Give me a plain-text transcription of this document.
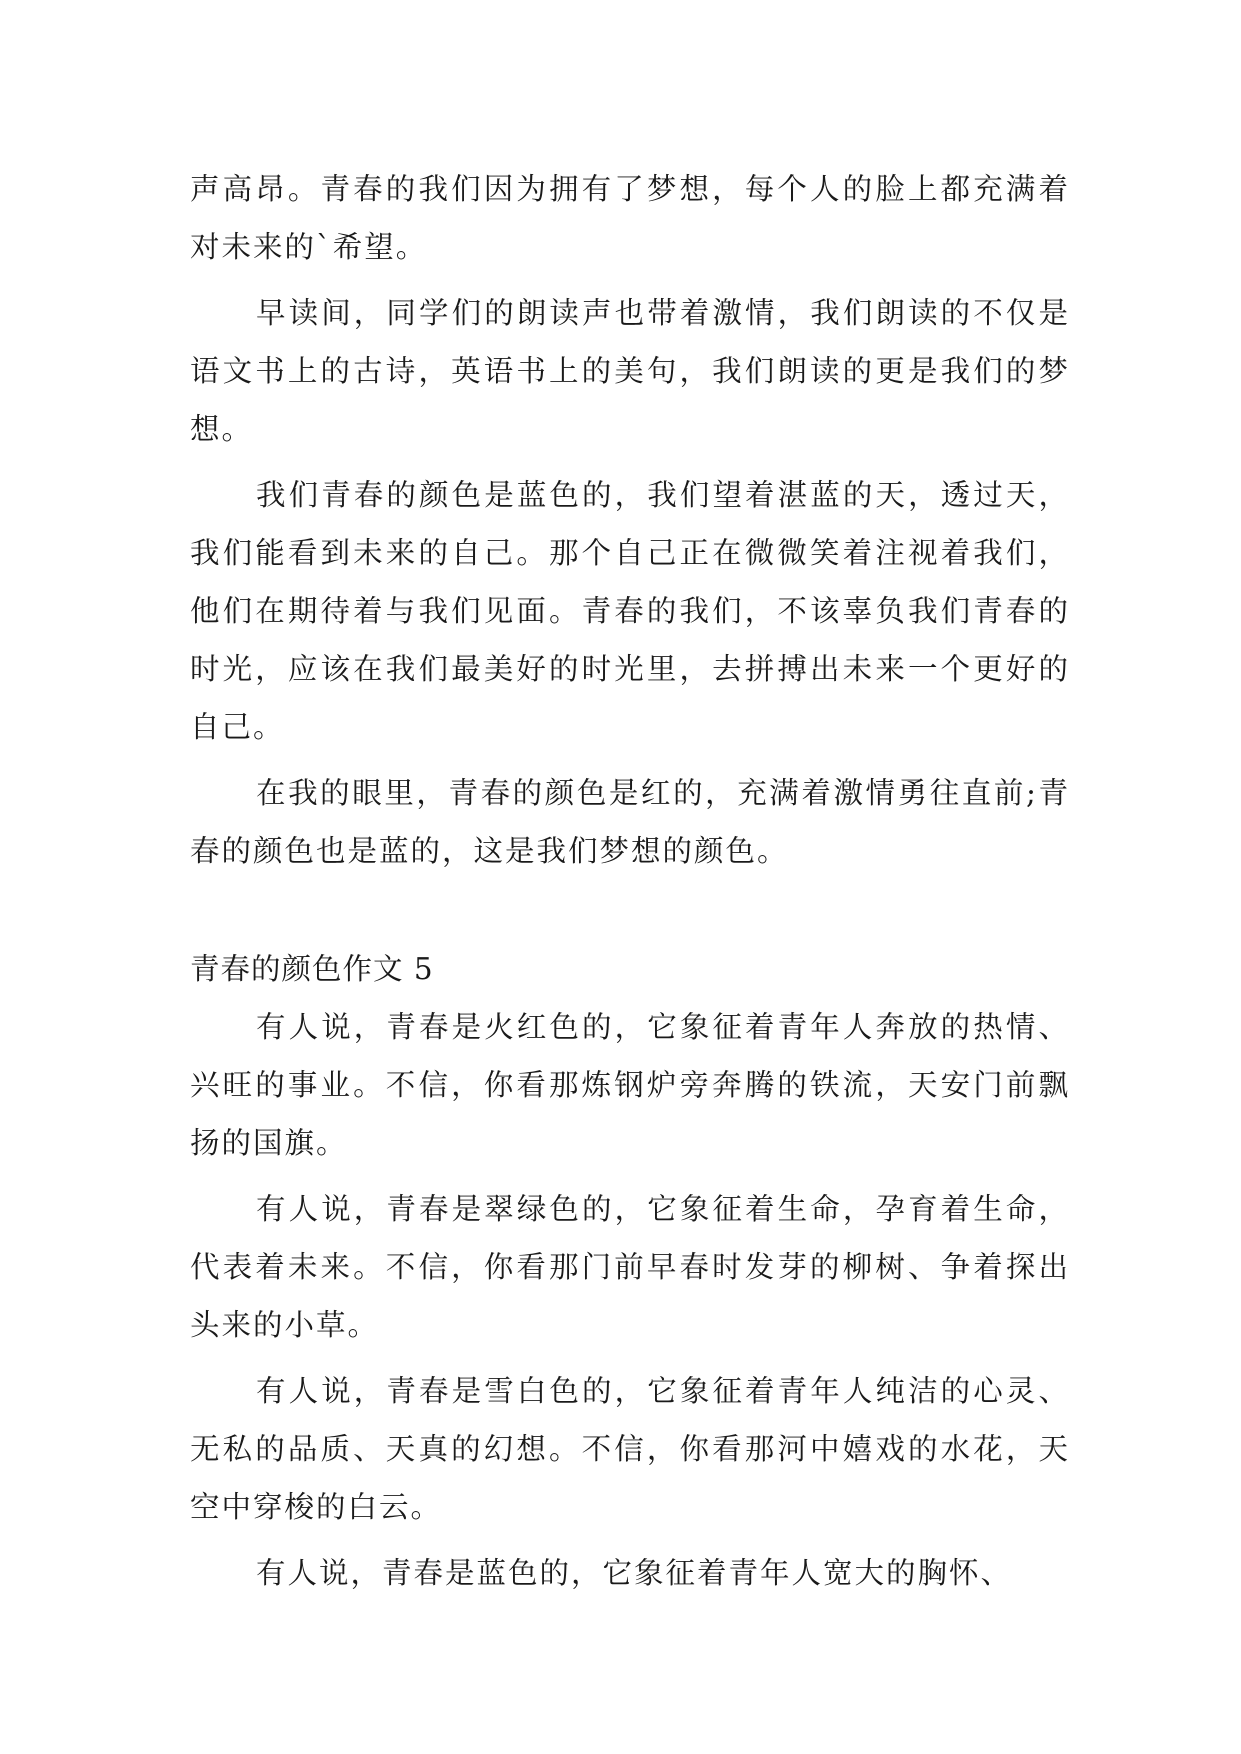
声高昂。青春的我们因为拥有了梦想，每个人的脸上都充满着对未来的`希望。

早读间，同学们的朗读声也带着激情，我们朗读的不仅是语文书上的古诗，英语书上的美句，我们朗读的更是我们的梦想。

我们青春的颜色是蓝色的，我们望着湛蓝的天，透过天，我们能看到未来的自己。那个自己正在微微笑着注视着我们，他们在期待着与我们见面。青春的我们，不该辜负我们青春的时光，应该在我们最美好的时光里，去拼搏出未来一个更好的自己。

在我的眼里，青春的颜色是红的，充满着激情勇往直前;青春的颜色也是蓝的，这是我们梦想的颜色。

青春的颜色作文 5

有人说，青春是火红色的，它象征着青年人奔放的热情、兴旺的事业。不信，你看那炼钢炉旁奔腾的铁流，天安门前飘扬的国旗。

有人说，青春是翠绿色的，它象征着生命，孕育着生命，代表着未来。不信，你看那门前早春时发芽的柳树、争着探出头来的小草。

有人说，青春是雪白色的，它象征着青年人纯洁的心灵、无私的品质、天真的幻想。不信，你看那河中嬉戏的水花，天空中穿梭的白云。

有人说，青春是蓝色的，它象征着青年人宽大的胸怀、
